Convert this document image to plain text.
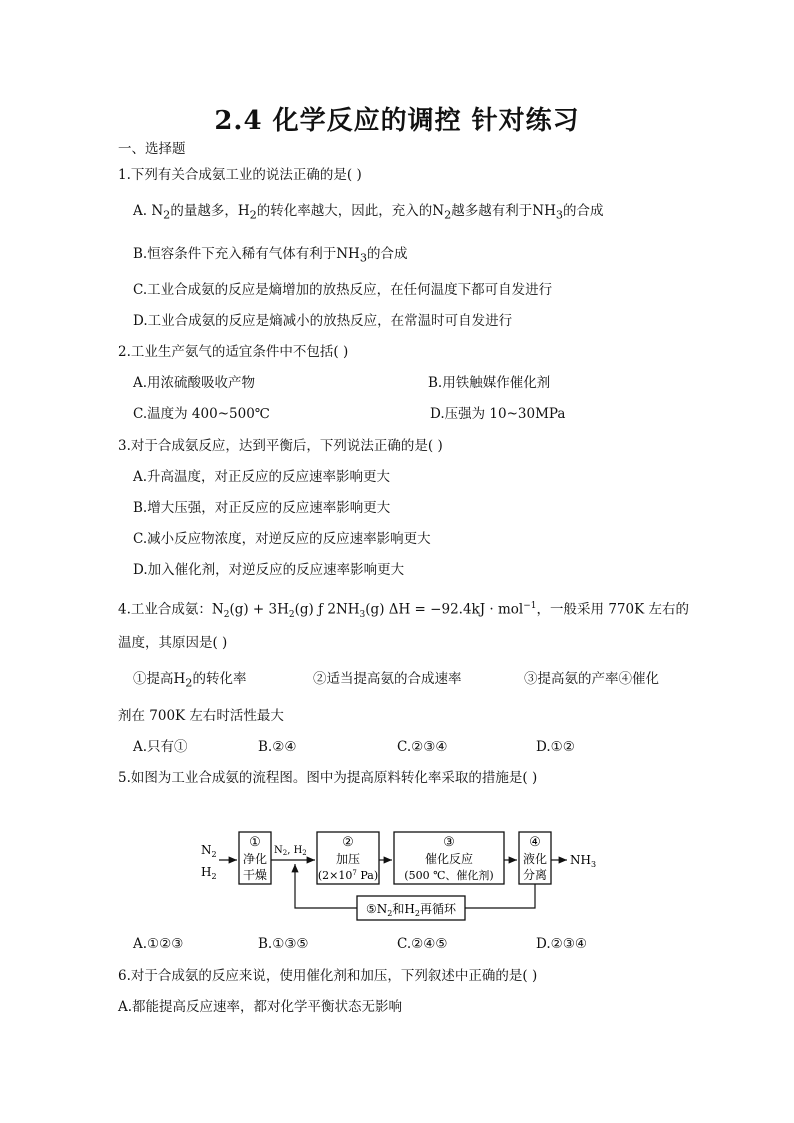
2.4 化学反应的调控 针对练习
一、选择题
1.下列有关合成氨工业的说法正确的是( )
A. $N_2$的量越多，$H_2$的转化率越大，因此，充入的$N_2$越多越有利于$NH_3$的合成
B.恒容条件下充入稀有气体有利于$NH_3$的合成
C.工业合成氨的反应是熵增加的放热反应，在任何温度下都可自发进行
D.工业合成氨的反应是熵减小的放热反应，在常温时可自发进行
2.工业生产氨气的适宜条件中不包括( )
A.用浓硫酸吸收产物	B.用铁触媒作催化剂
C.温度为 400~500℃	D.压强为 10~30MPa
3.对于合成氨反应，达到平衡后，下列说法正确的是( )
A.升高温度，对正反应的反应速率影响更大
B.增大压强，对正反应的反应速率影响更大
C.减小反应物浓度，对逆反应的反应速率影响更大
D.加入催化剂，对逆反应的反应速率影响更大
4.工业合成氨：$N_2(g) + 3H_2(g)$ ƒ $2NH_3(g) \Delta H = -92.4kJ \cdot mol^{-1}$，一般采用 770K 左右的
温度，其原因是( )
①提高$H_2$的转化率	②适当提高氨的合成速率	③提高氨的产率④催化
剂在 700K 左右时活性最大
A.只有①	B.②④	C.②③④	D.①②
5.如图为工业合成氨的流程图。图中为提高原料转化率采取的措施是( )
$N_2$
$H_2$
①
净化
干燥
$N_2$, $H_2$
②
加压
($2\times 10^7$ Pa)
③
催化反应
(500 ℃、催化剂)
④
液化
分离
$NH_3$
$⑤N_2$和$H_2$再循环
A.①②③	B.①③⑤	C.②④⑤	D.②③④
6.对于合成氨的反应来说，使用催化剂和加压，下列叙述中正确的是( )
A.都能提高反应速率，都对化学平衡状态无影响
